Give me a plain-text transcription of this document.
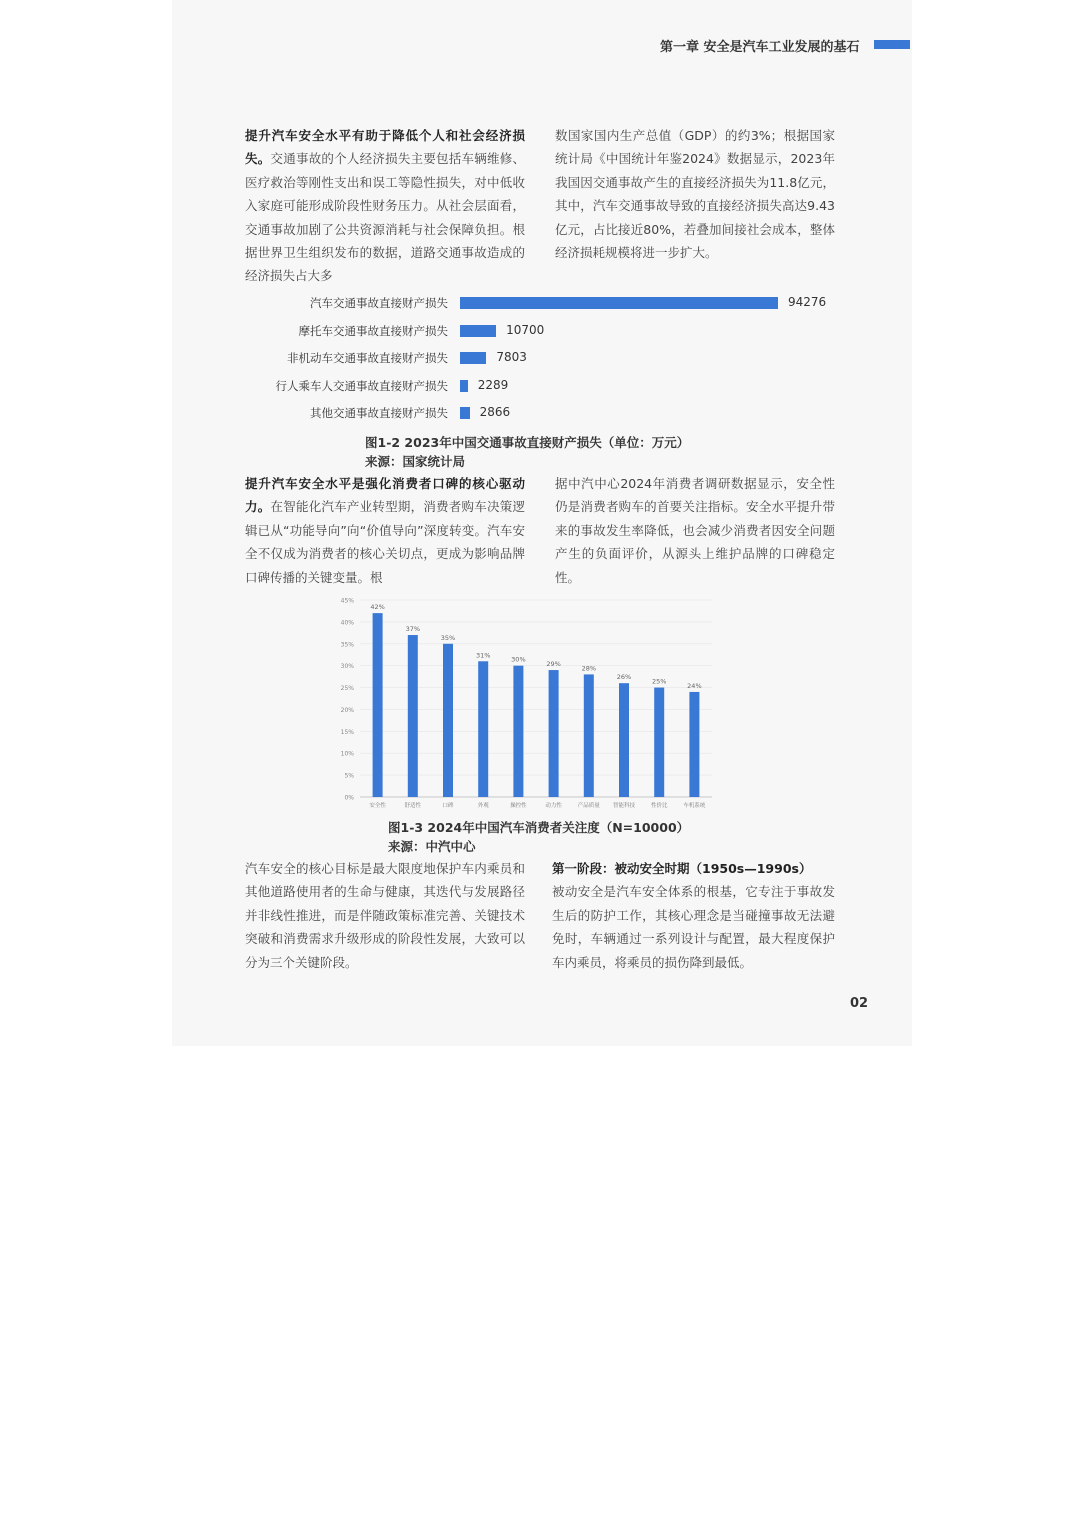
第一章 安全是汽车工业发展的基石
提升汽车安全水平有助于降低个人和社会经济损失。交通事故的个人经济损失主要包括车辆维修、医疗救治等刚性支出和误工等隐性损失，对中低收入家庭可能形成阶段性财务压力。从社会层面看，交通事故加剧了公共资源消耗与社会保障负担。根据世界卫生组织发布的数据，道路交通事故造成的经济损失占大多
数国家国内生产总值（GDP）的约3%；根据国家统计局《中国统计年鉴2024》数据显示，2023年我国因交通事故产生的直接经济损失为11.8亿元，其中，汽车交通事故导致的直接经济损失高达9.43亿元，占比接近80%，若叠加间接社会成本，整体经济损耗规模将进一步扩大。
汽车交通事故直接财产损失	94276
摩托车交通事故直接财产损失	10700
非机动车交通事故直接财产损失	7803
行人乘车人交通事故直接财产损失 2289
其他交通事故直接财产损失	2866
图1-2 2023年中国交通事故直接财产损失（单位：万元）
来源：国家统计局
提升汽车安全水平是强化消费者口碑的核心驱动力。在智能化汽车产业转型期，消费者购车决策逻辑已从“功能导向”向“价值导向”深度转变。汽车安全不仅成为消费者的核心关切点，更成为影响品牌口碑传播的关键变量。根
据中汽中心2024年消费者调研数据显示，安全性仍是消费者购车的首要关注指标。安全水平提升带来的事故发生率降低，也会减少消费者因安全问题产生的负面评价，从源头上维护品牌的口碑稳定性。
0%
5%
10%
15%
20%
25%
30%
35%
40%
45%
42%
安全性
37%
舒适性
35%
口碑
31%
外观
30%
操控性
29%
动力性
28%
产品质量
26%
智能科技
25%
性价比
24%
车机系统
图1-3 2024年中国汽车消费者关注度（N=10000）
来源：中汽中心
汽车安全的核心目标是最大限度地保护车内乘员和其他道路使用者的生命与健康，其迭代与发展路径并非线性推进，而是伴随政策标准完善、关键技术突破和消费需求升级形成的阶段性发展，大致可以分为三个关键阶段。
第一阶段：被动安全时期（1950s—1990s）
被动安全是汽车安全体系的根基，它专注于事故发生后的防护工作，其核心理念是当碰撞事故无法避免时，车辆通过一系列设计与配置，最大程度保护车内乘员，将乘员的损伤降到最低。
02
